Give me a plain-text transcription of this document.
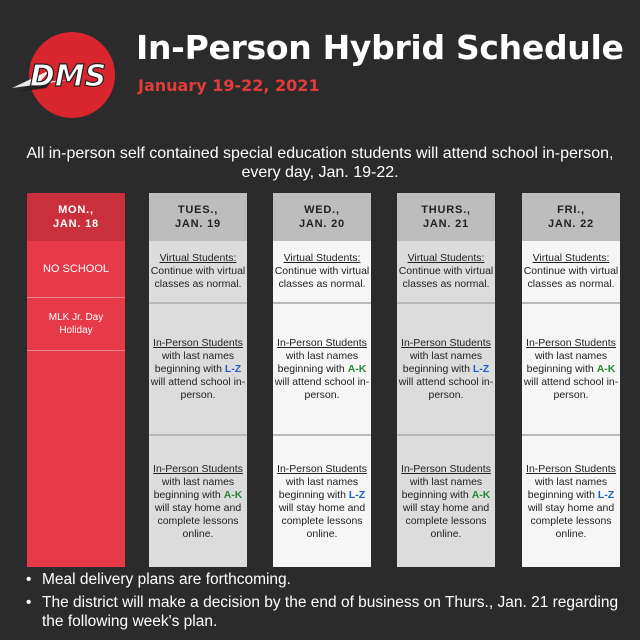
DMS
In-Person Hybrid Schedule
January 19-22, 2021
All in-person self contained special education students will attend school in-person, every day, Jan. 19-22.
MON.,
JAN. 18
NO SCHOOL
MLK Jr. Day Holiday
TUES.,
JAN. 19
Virtual Students:
Continue with virtual classes as normal.
In-Person Students with last names beginning with L-Z will attend school in-person.
In-Person Students with last names beginning with A-K will stay home and complete lessons online.
WED.,
JAN. 20
Virtual Students:
Continue with virtual classes as normal.
In-Person Students with last names beginning with A-K will attend school in-person.
In-Person Students with last names beginning with L-Z will stay home and complete lessons online.
THURS.,
JAN. 21
Virtual Students:
Continue with virtual classes as normal.
In-Person Students with last names beginning with L-Z will attend school in-person.
In-Person Students with last names beginning with A-K will stay home and complete lessons online.
FRI.,
JAN. 22
Virtual Students:
Continue with virtual classes as normal.
In-Person Students with last names beginning with A-K will attend school in-person.
In-Person Students with last names beginning with L-Z will stay home and complete lessons online.
• Meal delivery plans are forthcoming.
• The district will make a decision by the end of business on Thurs., Jan. 21 regarding the following week's plan.
